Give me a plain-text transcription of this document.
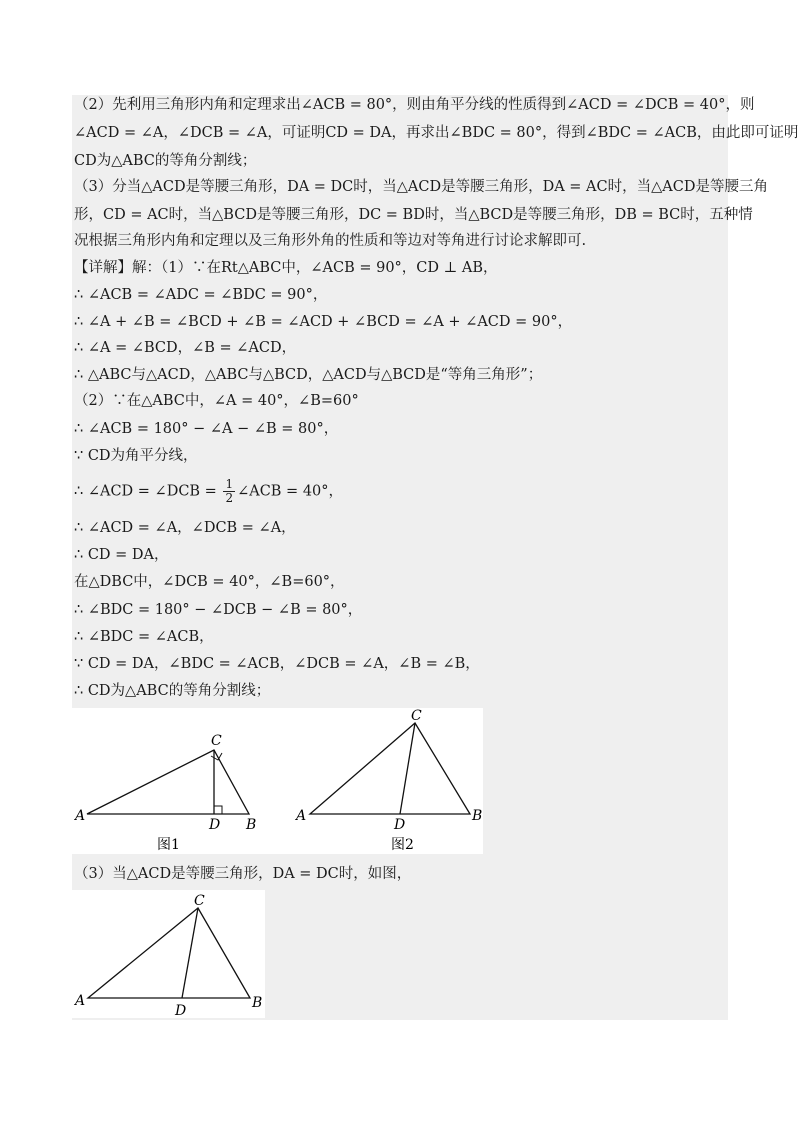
（2）先利用三角形内角和定理求出∠ACB = 80°，则由角平分线的性质得到∠ACD = ∠DCB = 40°，则
∠ACD = ∠A，∠DCB = ∠A，可证明CD = DA，再求出∠BDC = 80°，得到∠BDC = ∠ACB，由此即可证明
CD为△ABC的等角分割线；
（3）分当△ACD是等腰三角形，DA = DC时，当△ACD是等腰三角形，DA = AC时，当△ACD是等腰三角
形，CD = AC时，当△BCD是等腰三角形，DC = BD时，当△BCD是等腰三角形，DB = BC时，五种情
况根据三角形内角和定理以及三角形外角的性质和等边对等角进行讨论求解即可.
【详解】解：（1）∵在Rt△ABC中，∠ACB = 90°，CD ⊥ AB，
∴ ∠ACB = ∠ADC = ∠BDC = 90°，
∴ ∠A + ∠B = ∠BCD + ∠B = ∠ACD + ∠BCD = ∠A + ∠ACD = 90°，
∴ ∠A = ∠BCD，∠B = ∠ACD，
∴ △ABC与△ACD，△ABC与△BCD，△ACD与△BCD是“等角三角形”；
（2）∵在△ABC中，∠A = 40°，∠B=60°
∴ ∠ACB = 180° − ∠A − ∠B = 80°，
∵ CD为角平分线，
∴ ∠ACD = ∠DCB = $\frac{1}{2}$ ∠ACB = 40°，
∴ ∠ACD = ∠A，∠DCB = ∠A，
∴ CD = DA，
在△DBC中，∠DCB = 40°，∠B=60°，
∴ ∠BDC = 180° − ∠DCB − ∠B = 80°，
∴ ∠BDC = ∠ACB，
∵ CD = DA，∠BDC = ∠ACB，∠DCB = ∠A，∠B = ∠B，
∴ CD为△ABC的等角分割线；
A
C
D B
图1
A
C
D
B
图2
（3）当△ACD是等腰三角形，DA = DC时，如图，
A
C
D	B
